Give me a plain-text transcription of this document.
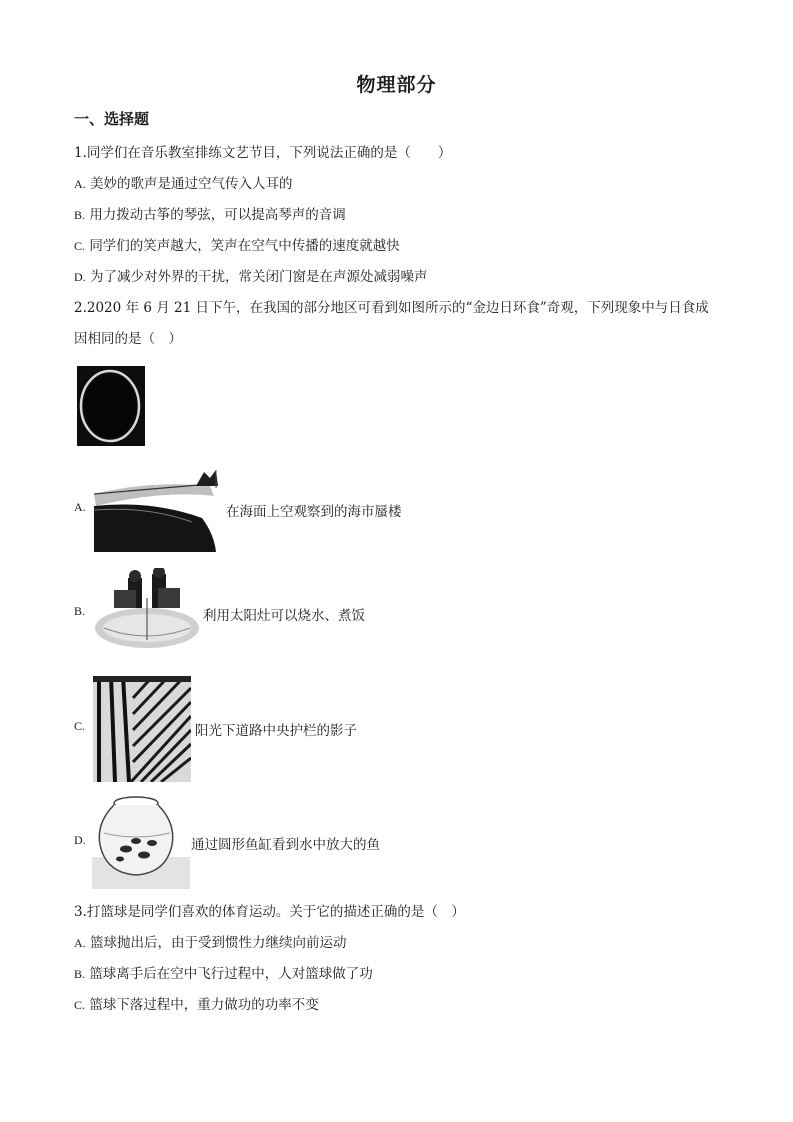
物理部分
一、选择题
1.同学们在音乐教室排练文艺节目，下列说法正确的是（　　）
A. 美妙的歌声是通过空气传入人耳的
B. 用力拨动古筝的琴弦，可以提高琴声的音调
C. 同学们的笑声越大，笑声在空气中传播的速度就越快
D. 为了减少对外界的干扰，常关闭门窗是在声源处减弱噪声
2.2020 年 6 月 21 日下午，在我国的部分地区可看到如图所示的“金边日环食”奇观，下列现象中与日食成
因相同的是（　）
A.	在海面上空观察到的海市蜃楼
B.	利用太阳灶可以烧水、煮饭
C.	阳光下道路中央护栏的影子
D.	通过圆形鱼缸看到水中放大的鱼
3.打篮球是同学们喜欢的体育运动。关于它的描述正确的是（　）
A. 篮球抛出后，由于受到惯性力继续向前运动
B. 篮球离手后在空中飞行过程中，人对篮球做了功
C. 篮球下落过程中，重力做功的功率不变
